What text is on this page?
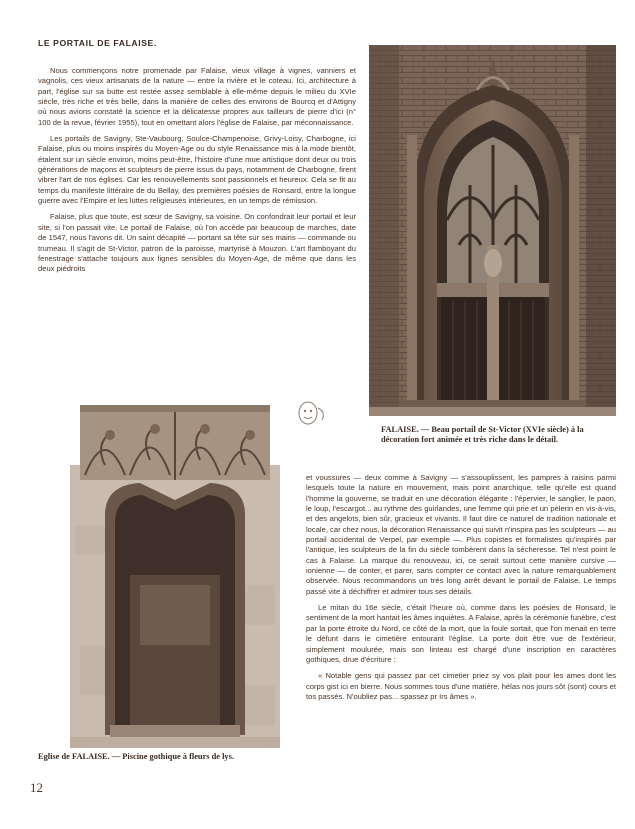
LE PORTAIL DE FALAISE.

Nous commençons notre promenade par Falaise, vieux village à vignes, vanniers et vagnolis, ces vieux artisanats de la nature — entre la rivière et le coteau. Ici, architecture à part, l'église sur sa butte est restée assez semblable à elle-même depuis le milieu du XVIe siècle, très riche et très belle, dans la manière de celles des environs de Bourcq et d'Attigny où nous avions constaté la science et la délicatesse propres aux tailleurs de pierre d'ici (n° 100 de la revue, février 1955), tout en omettant alors l'église de Falaise, par méconnaissance.

Les portails de Savigny, Ste-Vaubourg, Soulce-Champenoise, Grivy-Loisy, Charbogne, ici Falaise, plus ou moins inspirés du Moyen-Age ou du style Renaissance mis à la mode bientôt, étalent sur un siècle environ, moins peut-être, l'histoire d'une mue artistique dont deux ou trois générations de maçons et sculpteurs de pierre issus du pays, notamment de Charbogne, firent vibrer l'art de nos églises. Car les renouvellements sont passionnels et heureux. Cela se fit au temps du manifeste littéraire de du Bellay, des premières poésies de Ronsard, entre la longue guerre avec l'Empire et les luttes religieuses intérieures, en un temps de rémission.

Falaise, plus que toute, est sœur de Savigny, sa voisine. On confondrait leur portail et leur site, si l'on passait vite. Le portail de Falaise, où l'on accède par beaucoup de marches, date de 1547, nous l'avons dit. Un saint décapité — portant sa tête sur ses mains — commande ou trumeau. Il s'agit de St-Victor, patron de la paroisse, martyrisé à Mouzon. L'art flamboyant du fenestrage s'attache toujours aux lignes sensibles du Moyen-Age, de même que dans les deux piédroits

FALAISE. — Beau portail de St-Victor (XVIe siècle) à la décoration fort animée et très riche dans le détail.
Eglise de FALAISE. — Piscine gothique à fleurs de lys.

et voussures — deux comme à Savigny — s'assouplissent, les pampres à raisins parmi lesquels toute la nature en mouvement, mais point anarchique, telle qu'elle est quand l'homme la gouverne, se traduit en une décoration élégante : l'épervier, le sanglier, le paon, le loup, l'escargot... au rythme des guirlandes, une femme qui prie et un pèlerin en vis-à-vis, et des angelots, bien sûr, gracieux et vivants. Il faut dire ce naturel de tradition nationale et locale, car chez nous, la décoration Renaissance qui suivit n'inspira pas les sculpteurs — au portail accidental de Verpel, par exemple —. Plus copistes et formalistes qu'inspirés par l'antique, les sculpteurs de la fin du siècle tombèrent dans la sécheresse. Tel n'est point le cas à Falaise. La marque du renouveau, ici, ce serait surtout cette manière cursive — ionienne — de conter, et parer, sans compter ce contact avec la nature remarquablement observée. Nous recommandons un très long arrêt devant le portail de Falaise. Le temps passé vite à déchiffrer et admirer tous ses détails.

Le mitan du 16e siècle, c'était l'heure où, comme dans les poésies de Ronsard, le sentiment de la mort hantait les âmes inquiètes. A Falaise, après la cérémonie funèbre, c'est par la porte étroite du Nord, ce côté de la mort, que la foule sortait, que l'on menait en terre le défunt dans le cimetière entourant l'église. La porte doit être vue de l'extérieur, simplement moulurée, mais son linteau est chargé d'une inscription en caractères gothiques, drue d'écriture :

« Notable gens qui passez par cet cimetier priez sy vos plait pour les ames dont les corps gist ici en bierre. Nous sommes tous d'une matière, hélas nos jours sôt (sont) cours et tos passés. N'oubliez pas... spassez pr Irs âmes ».

12
